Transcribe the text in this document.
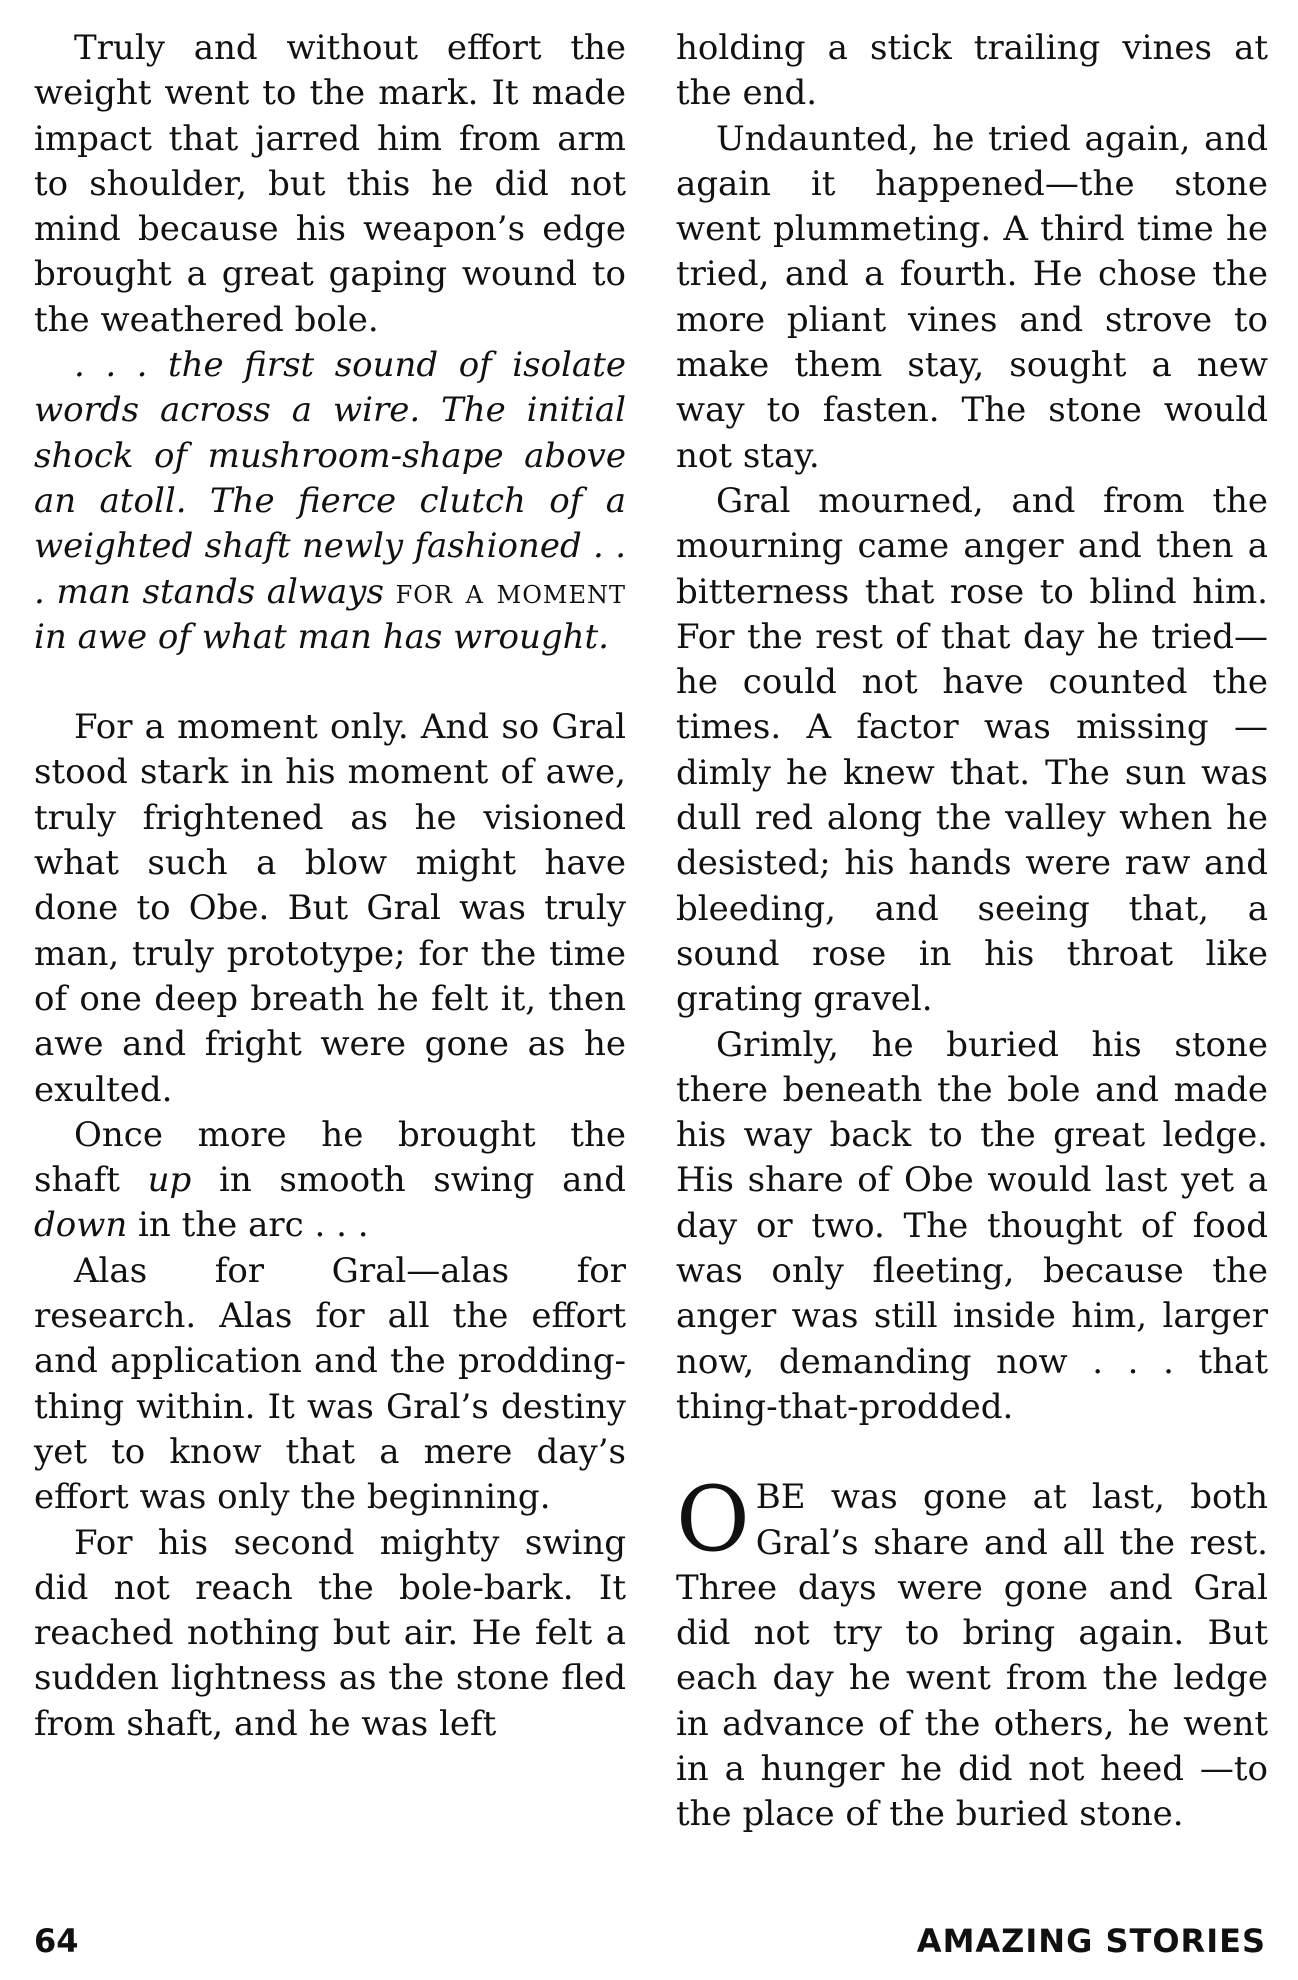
Truly and without effort the weight went to the mark. It made impact that jarred him from arm to shoulder, but this he did not mind because his weapon’s edge brought a great gaping wound to the weathered bole.

. . . the first sound of isolate words across a wire. The initial shock of mushroom-shape above an atoll. The fierce clutch of a weighted shaft newly fashioned . . . man stands always for a moment in awe of what man has wrought.

For a moment only. And so Gral stood stark in his moment of awe, truly frightened as he visioned what such a blow might have done to Obe. But Gral was truly man, truly prototype; for the time of one deep breath he felt it, then awe and fright were gone as he exulted.

Once more he brought the shaft up in smooth swing and down in the arc . . .

Alas for Gral—alas for research. Alas for all the effort and application and the prodding-thing within. It was Gral’s destiny yet to know that a mere day’s effort was only the beginning.

For his second mighty swing did not reach the bole-bark. It reached nothing but air. He felt a sudden lightness as the stone fled from shaft, and he was left

holding a stick trailing vines at the end.

Undaunted, he tried again, and again it happened—the stone went plummeting. A third time he tried, and a fourth. He chose the more pliant vines and strove to make them stay, sought a new way to fasten. The stone would not stay.

Gral mourned, and from the mourning came anger and then a bitterness that rose to blind him. For the rest of that day he tried—he could not have counted the times. A factor was missing —dimly he knew that. The sun was dull red along the valley when he desisted; his hands were raw and bleeding, and seeing that, a sound rose in his throat like grating gravel.

Grimly, he buried his stone there beneath the bole and made his way back to the great ledge. His share of Obe would last yet a day or two. The thought of food was only fleeting, because the anger was still inside him, larger now, demanding now . . . that thing-that-prodded.

OBE was gone at last, both Gral’s share and all the rest. Three days were gone and Gral did not try to bring again. But each day he went from the ledge in advance of the others, he went in a hunger he did not heed —to the place of the buried stone.

64	AMAZING STORIES
